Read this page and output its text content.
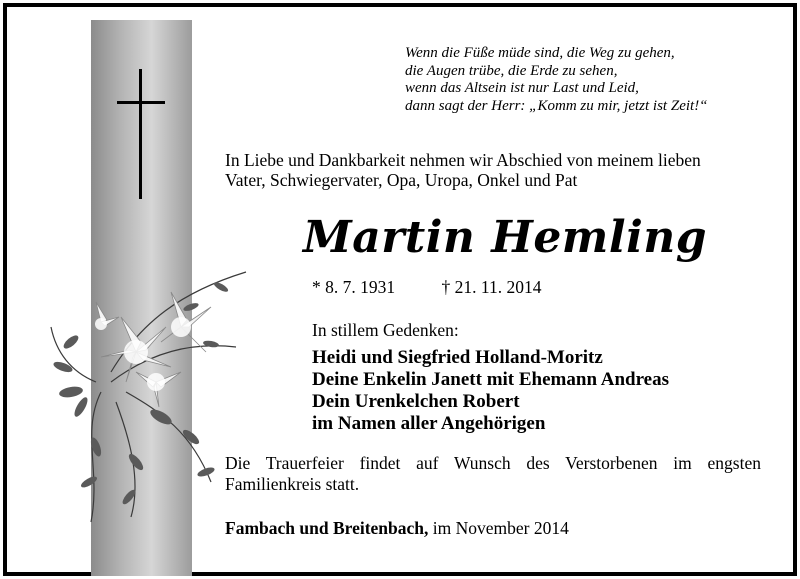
Wenn die Füße müde sind, die Weg zu gehen,
die Augen trübe, die Erde zu sehen,
wenn das Altsein ist nur Last und Leid,
dann sagt der Herr: „Komm zu mir, jetzt ist Zeit!“
In Liebe und Dankbarkeit nehmen wir Abschied von meinem lieben
Vater, Schwiegervater, Opa, Uropa, Onkel und Pat
Martin Hemling
* 8. 7. 1931	† 21. 11. 2014
In stillem Gedenken:
Heidi und Siegfried Holland-Moritz
Deine Enkelin Janett mit Ehemann Andreas
Dein Urenkelchen Robert
im Namen aller Angehörigen
Die Trauerfeier findet auf Wunsch des Verstorbenen im engsten Familienkreis statt.
Fambach und Breitenbach, im November 2014
